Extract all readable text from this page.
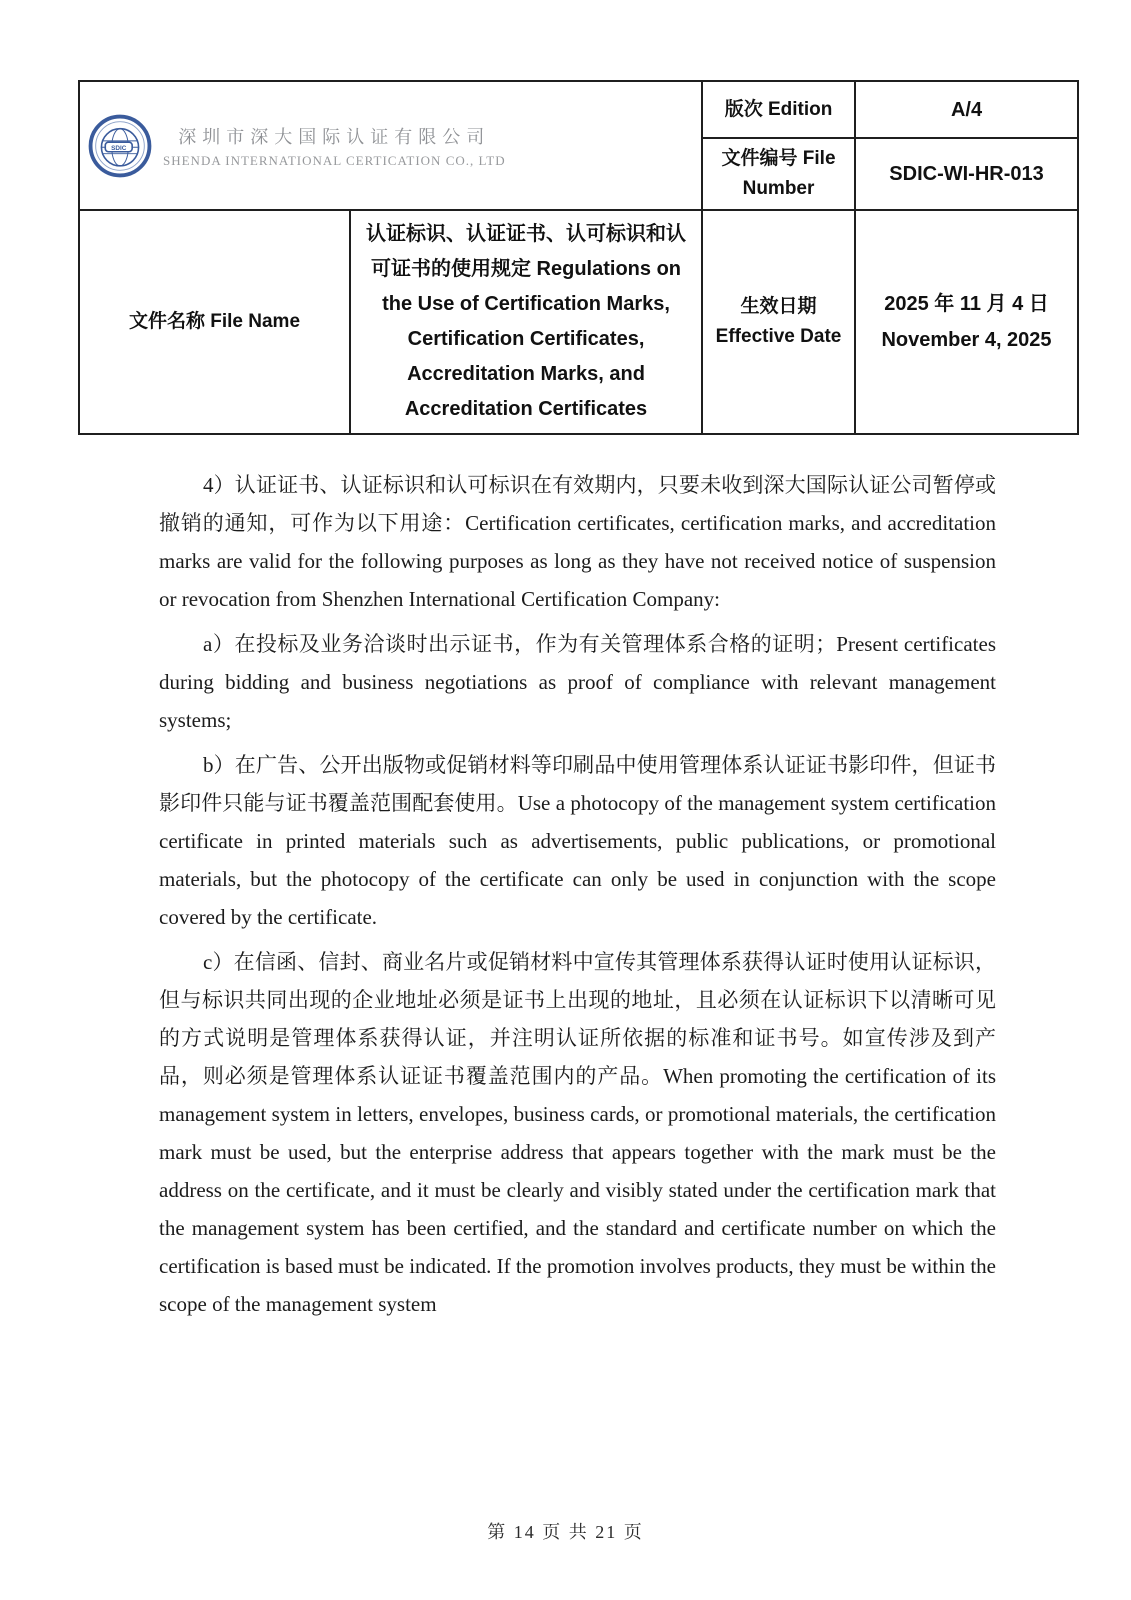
SDIC
深圳市深大国际认证有限公司
SHENDA INTERNATIONAL CERTICATION CO., LTD		版次 Edition	A/4
		文件编号 File Number	SDIC-WI-HR-013
文件名称 File Name	认证标识、认证证书、认可标识和认可证书的使用规定 Regulations on the Use of Certification Marks, Certification Certificates, Accreditation Marks, and Accreditation Certificates	生效日期 Effective Date	2025 年 11 月 4 日
November 4, 2025

4）认证证书、认证标识和认可标识在有效期内，只要未收到深大国际认证公司暂停或撤销的通知，可作为以下用途：Certification certificates, certification marks, and accreditation marks are valid for the following purposes as long as they have not received notice of suspension or revocation from Shenzhen International Certification Company:

a）在投标及业务洽谈时出示证书，作为有关管理体系合格的证明；Present certificates during bidding and business negotiations as proof of compliance with relevant management systems;

b）在广告、公开出版物或促销材料等印刷品中使用管理体系认证证书影印件，但证书影印件只能与证书覆盖范围配套使用。Use a photocopy of the management system certification certificate in printed materials such as advertisements, public publications, or promotional materials, but the photocopy of the certificate can only be used in conjunction with the scope covered by the certificate.

c）在信函、信封、商业名片或促销材料中宣传其管理体系获得认证时使用认证标识，但与标识共同出现的企业地址必须是证书上出现的地址，且必须在认证标识下以清晰可见的方式说明是管理体系获得认证，并注明认证所依据的标准和证书号。如宣传涉及到产品，则必须是管理体系认证证书覆盖范围内的产品。When promoting the certification of its management system in letters, envelopes, business cards, or promotional materials, the certification mark must be used, but the enterprise address that appears together with the mark must be the address on the certificate, and it must be clearly and visibly stated under the certification mark that the management system has been certified, and the standard and certificate number on which the certification is based must be indicated. If the promotion involves products, they must be within the scope of the management system

第 14 页 共 21 页
